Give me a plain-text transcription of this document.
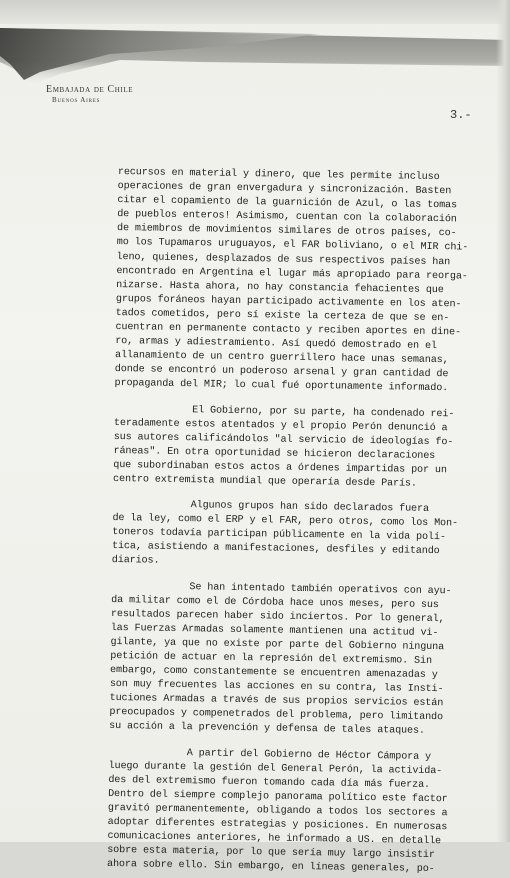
Embajada de Chile
Buenos Aires
3.-
recursos en material y dinero, que les permite incluso
operaciones de gran envergadura y sincronización. Basten
citar el copamiento de la guarnición de Azul, o las tomas
de pueblos enteros! Asimismo, cuentan con la colaboración
de miembros de movimientos similares de otros países, co-
mo los Tupamaros uruguayos, el FAR boliviano, o el MIR chi-
leno, quienes, desplazados de sus respectivos países han
encontrado en Argentina el lugar más apropiado para reorga-
nizarse. Hasta ahora, no hay constancia fehacientes que
grupos foráneos hayan participado activamente en los aten-
tados cometidos, pero sí existe la certeza de que se en-
cuentran en permanente contacto y reciben aportes en dine-
ro, armas y adiestramiento. Así quedó demostrado en el
allanamiento de un centro guerrillero hace unas semanas,
donde se encontró un poderoso arsenal y gran cantidad de
propaganda del MIR; lo cual fué oportunamente informado.
El Gobierno, por su parte, ha condenado rei-
teradamente estos atentados y el propio Perón denunció a
sus autores calificándolos "al servicio de ideologías fo-
ráneas". En otra oportunidad se hicieron declaraciones
que subordinaban estos actos a órdenes impartidas por un
centro extremista mundial que operaría desde París.
Algunos grupos han sido declarados fuera
de la ley, como el ERP y el FAR, pero otros, como los Mon-
toneros todavía participan públicamente en la vida polí-
tica, asistiendo a manifestaciones, desfiles y editando
diarios.
Se han intentado también operativos con ayu-
da militar como el de Córdoba hace unos meses, pero sus
resultados parecen haber sido inciertos. Por lo general,
las Fuerzas Armadas solamente mantienen una actitud vi-
gilante, ya que no existe por parte del Gobierno ninguna
petición de actuar en la represión del extremismo. Sin
embargo, como constantemente se encuentren amenazadas y
son muy frecuentes las acciones en su contra, las Insti-
tuciones Armadas a través de sus propios servicios están
preocupados y compenetrados del problema, pero limitando
su acción a la prevención y defensa de tales ataques.
A partir del Gobierno de Héctor Cámpora y
luego durante la gestión del General Perón, la activida-
des del extremismo fueron tomando cada día más fuerza.
Dentro del siempre complejo panorama político este factor
gravitó permanentemente, obligando a todos los sectores a
adoptar diferentes estrategias y posiciones. En numerosas
comunicaciones anteriores, he informado a US. en detalle
sobre esta materia, por lo que sería muy largo insistir
ahora sobre ello. Sin embargo, en líneas generales, po-
